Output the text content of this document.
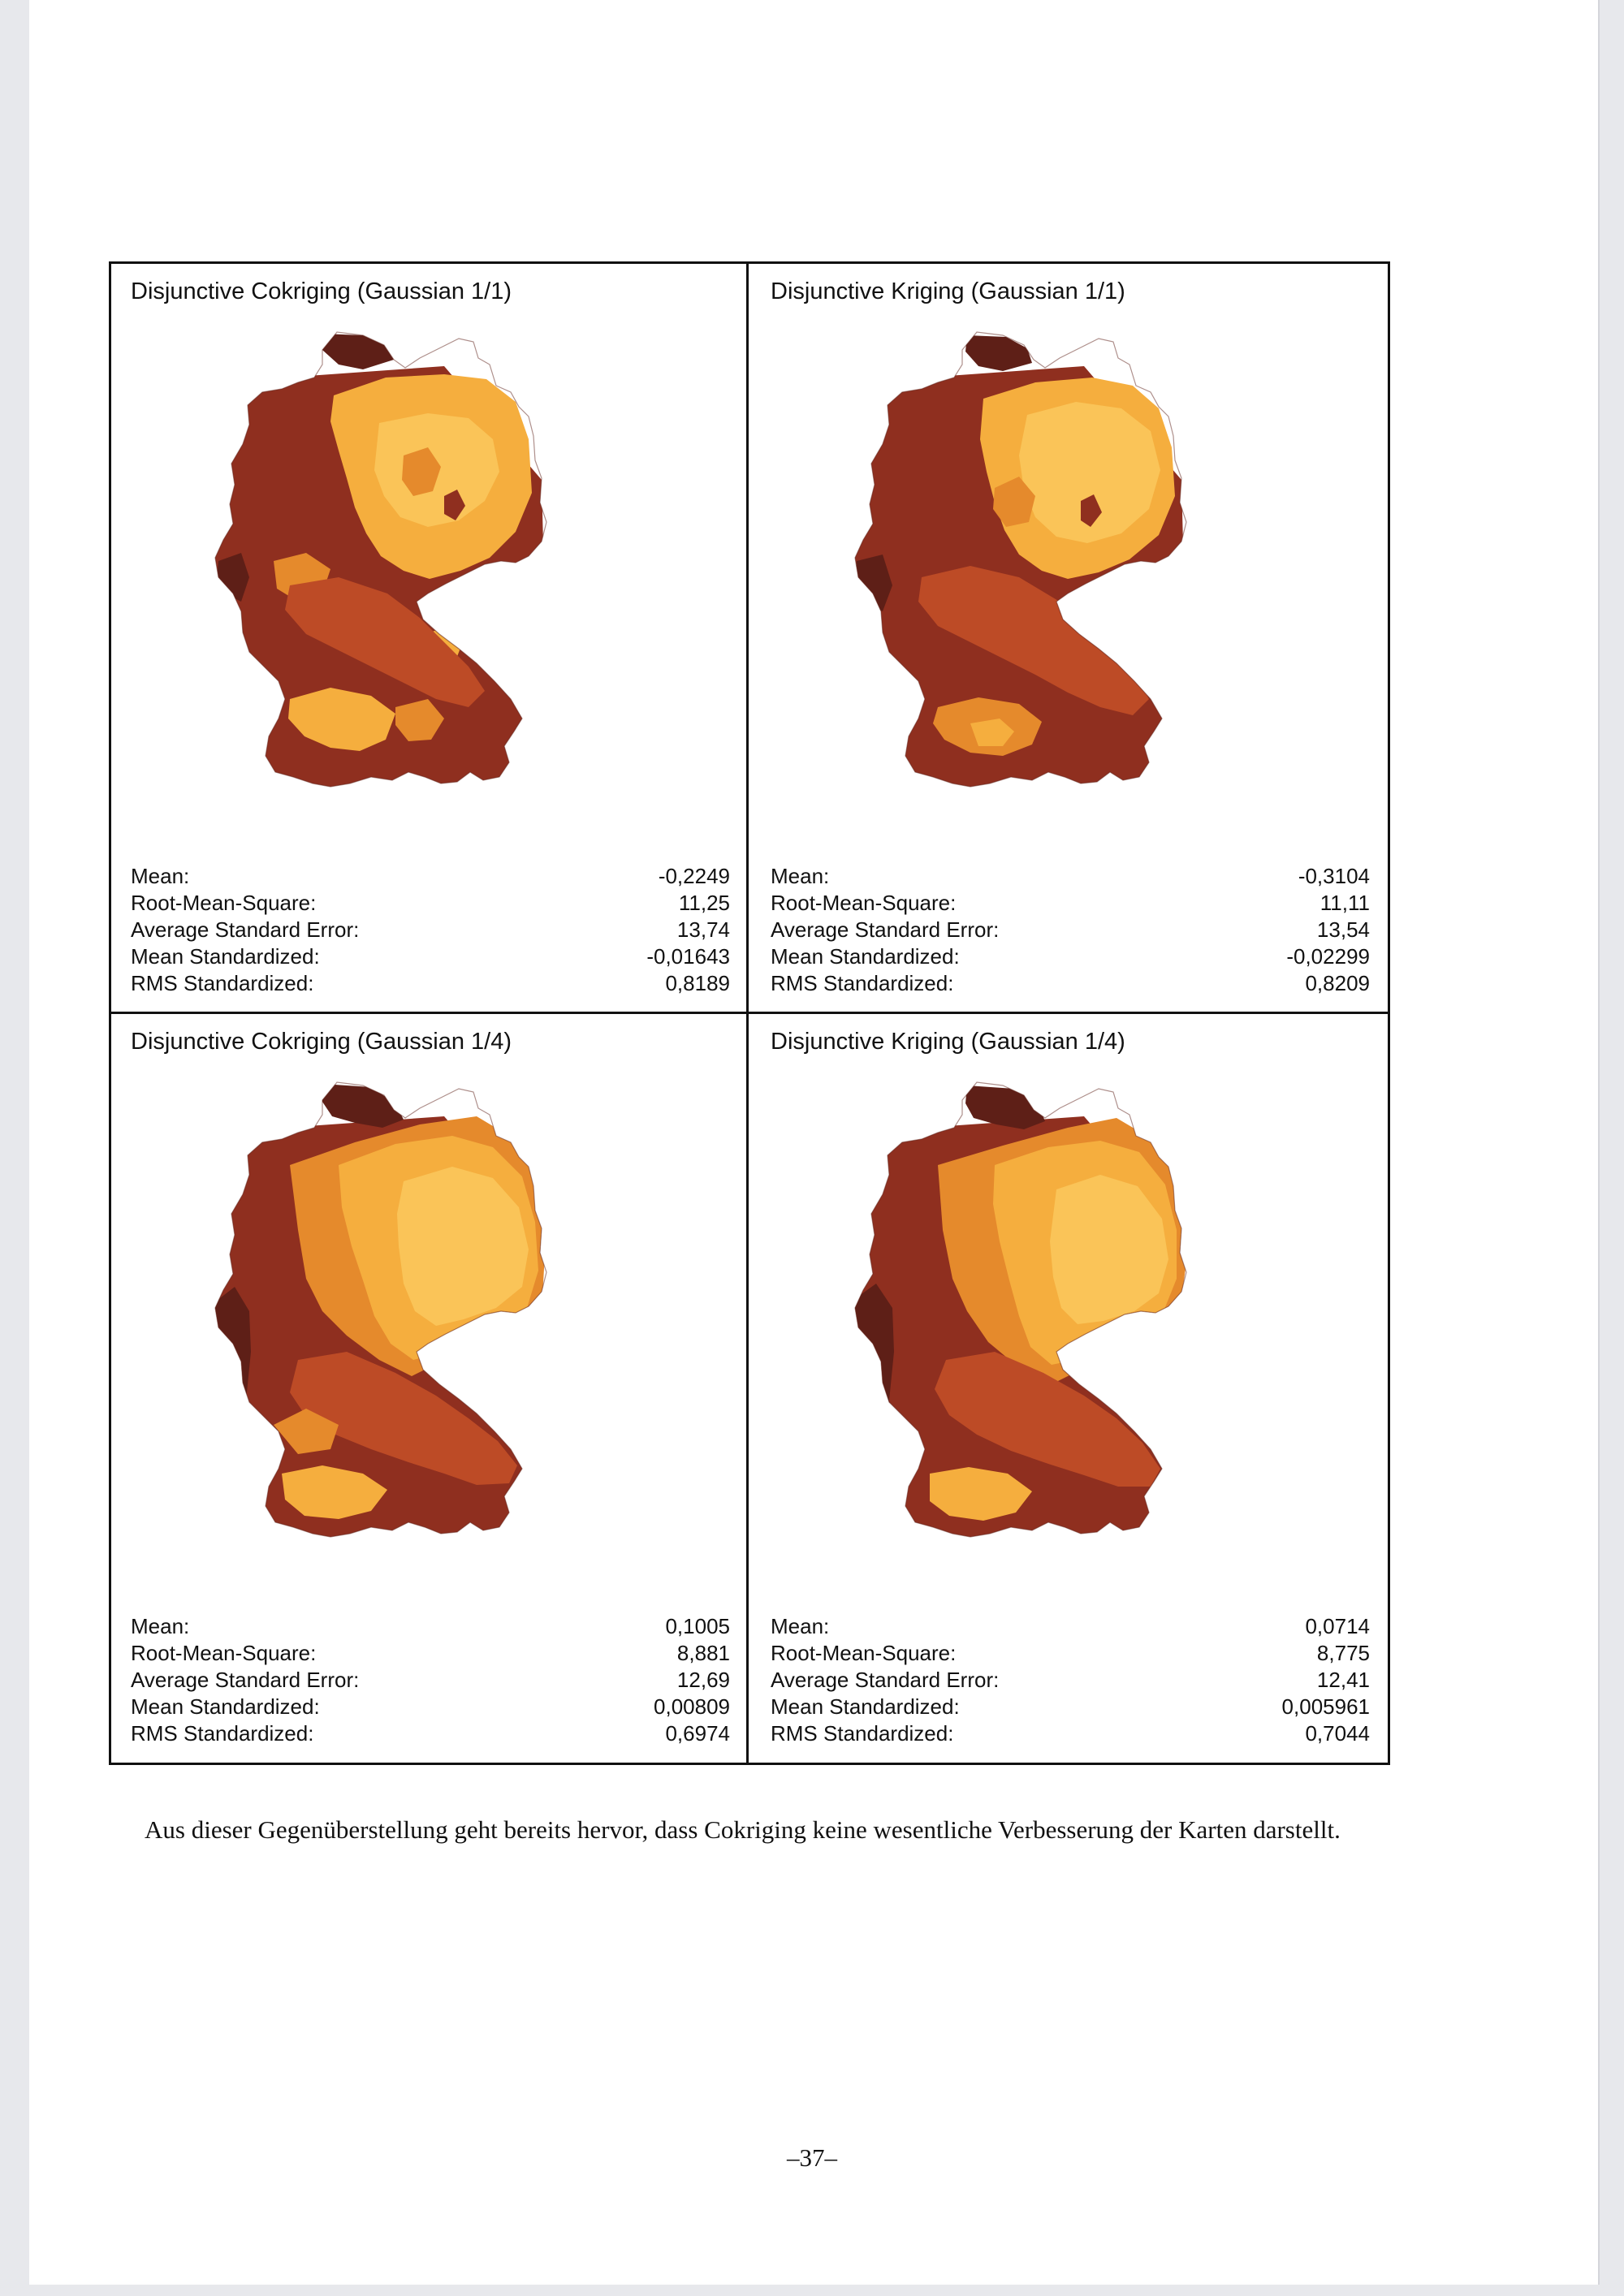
Disjunctive Cokriging (Gaussian 1/1)
Mean:	-0,2249
Root-Mean-Square:	11,25
Average Standard Error:	13,74
Mean Standardized:	-0,01643
RMS Standardized:	0,8189
Disjunctive Kriging (Gaussian 1/1)
Mean:	-0,3104
Root-Mean-Square:	11,11
Average Standard Error:	13,54
Mean Standardized:	-0,02299
RMS Standardized:	0,8209
Disjunctive Cokriging (Gaussian 1/4)
Mean:	0,1005
Root-Mean-Square:	8,881
Average Standard Error:	12,69
Mean Standardized:	0,00809
RMS Standardized:	0,6974
Disjunctive Kriging (Gaussian 1/4)
Mean:	0,0714
Root-Mean-Square:	8,775
Average Standard Error:	12,41
Mean Standardized:	0,005961
RMS Standardized:	0,7044
Aus dieser Gegenüberstellung geht bereits hervor, dass Cokriging keine wesentliche Verbesserung der Karten darstellt.
–37–
